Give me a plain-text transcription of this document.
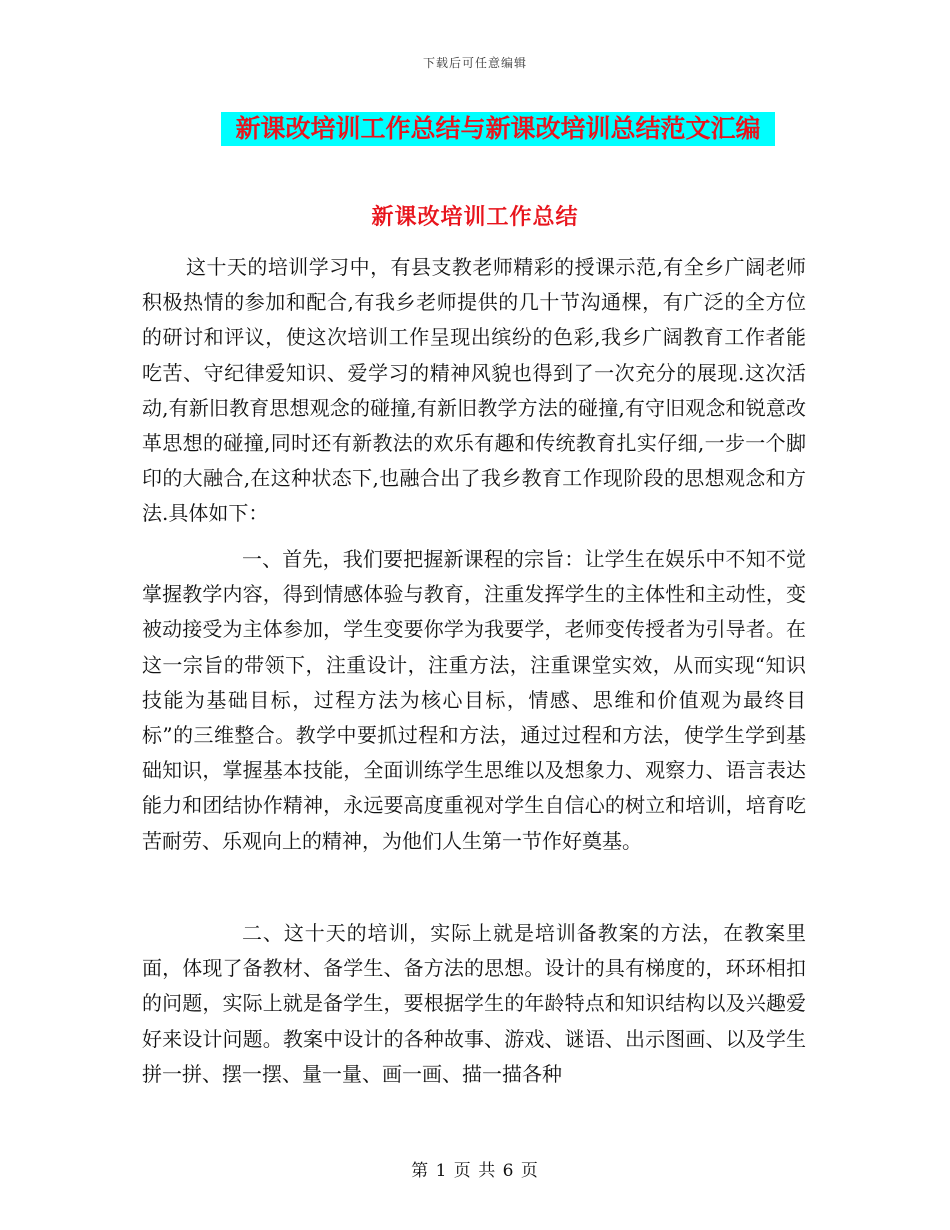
下载后可任意编辑
新课改培训工作总结与新课改培训总结范文汇编
新课改培训工作总结

这十天的培训学习中，有县支教老师精彩的授课示范,有全乡广阔老师积极热情的参加和配合,有我乡老师提供的几十节沟通棵，有广泛的全方位的研讨和评议，使这次培训工作呈现出缤纷的色彩,我乡广阔教育工作者能吃苦、守纪律爱知识、爱学习的精神风貌也得到了一次充分的展现.这次活动,有新旧教育思想观念的碰撞,有新旧教学方法的碰撞,有守旧观念和锐意改革思想的碰撞,同时还有新教法的欢乐有趣和传统教育扎实仔细,一步一个脚印的大融合,在这种状态下,也融合出了我乡教育工作现阶段的思想观念和方法.具体如下：

一、首先，我们要把握新课程的宗旨：让学生在娱乐中不知不觉掌握教学内容，得到情感体验与教育，注重发挥学生的主体性和主动性，变被动接受为主体参加，学生变要你学为我要学，老师变传授者为引导者。在这一宗旨的带领下，注重设计，注重方法，注重课堂实效，从而实现“知识技能为基础目标，过程方法为核心目标，情感、思维和价值观为最终目标”的三维整合。教学中要抓过程和方法，通过过程和方法，使学生学到基础知识，掌握基本技能，全面训练学生思维以及想象力、观察力、语言表达能力和团结协作精神，永远要高度重视对学生自信心的树立和培训，培育吃苦耐劳、乐观向上的精神，为他们人生第一节作好奠基。

二、这十天的培训，实际上就是培训备教案的方法，在教案里面，体现了备教材、备学生、备方法的思想。设计的具有梯度的，环环相扣的问题，实际上就是备学生，要根据学生的年龄特点和知识结构以及兴趣爱好来设计问题。教案中设计的各种故事、游戏、谜语、出示图画、以及学生拼一拼、摆一摆、量一量、画一画、描一描各种

第 1 页 共 6 页
